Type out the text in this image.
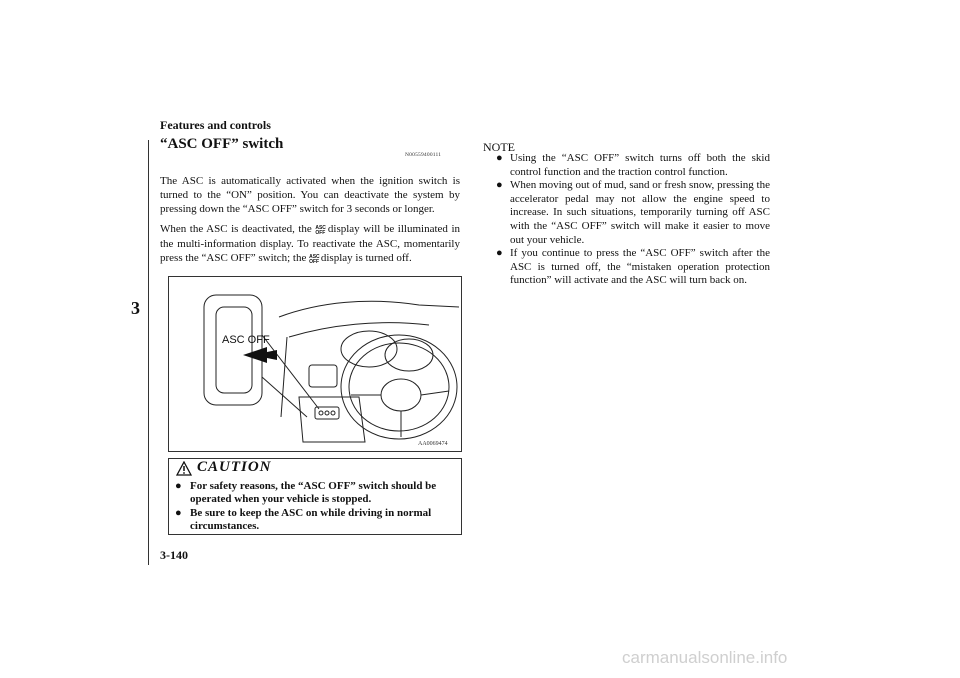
Features and controls
3
“ASC OFF” switch
N00559400111

The ASC is automatically activated when the ignition switch is turned to the “ON” position. You can deactivate the system by pressing down the “ASC OFF” switch for 3 seconds or longer.

When the ASC is deactivated, the ASC
OFF display will be illuminated in the multi-information display. To reactivate the ASC, momentarily press the “ASC OFF” switch; the ASC
OFF display is turned off.

ASC OFF
AA0069474
CAUTION
● For safety reasons, the “ASC OFF” switch should be operated when your vehicle is stopped.
● Be sure to keep the ASC on while driving in normal circumstances.
NOTE
● Using the “ASC OFF” switch turns off both the skid control function and the traction control function.
● When moving out of mud, sand or fresh snow, pressing the accelerator pedal may not allow the engine speed to increase. In such situations, temporarily turning off ASC with the “ASC OFF” switch will make it easier to move out your vehicle.
● If you continue to press the “ASC OFF” switch after the ASC is turned off, the “mistaken operation protection function” will activate and the ASC will turn back on.
3-140
carmanualsonline.info
